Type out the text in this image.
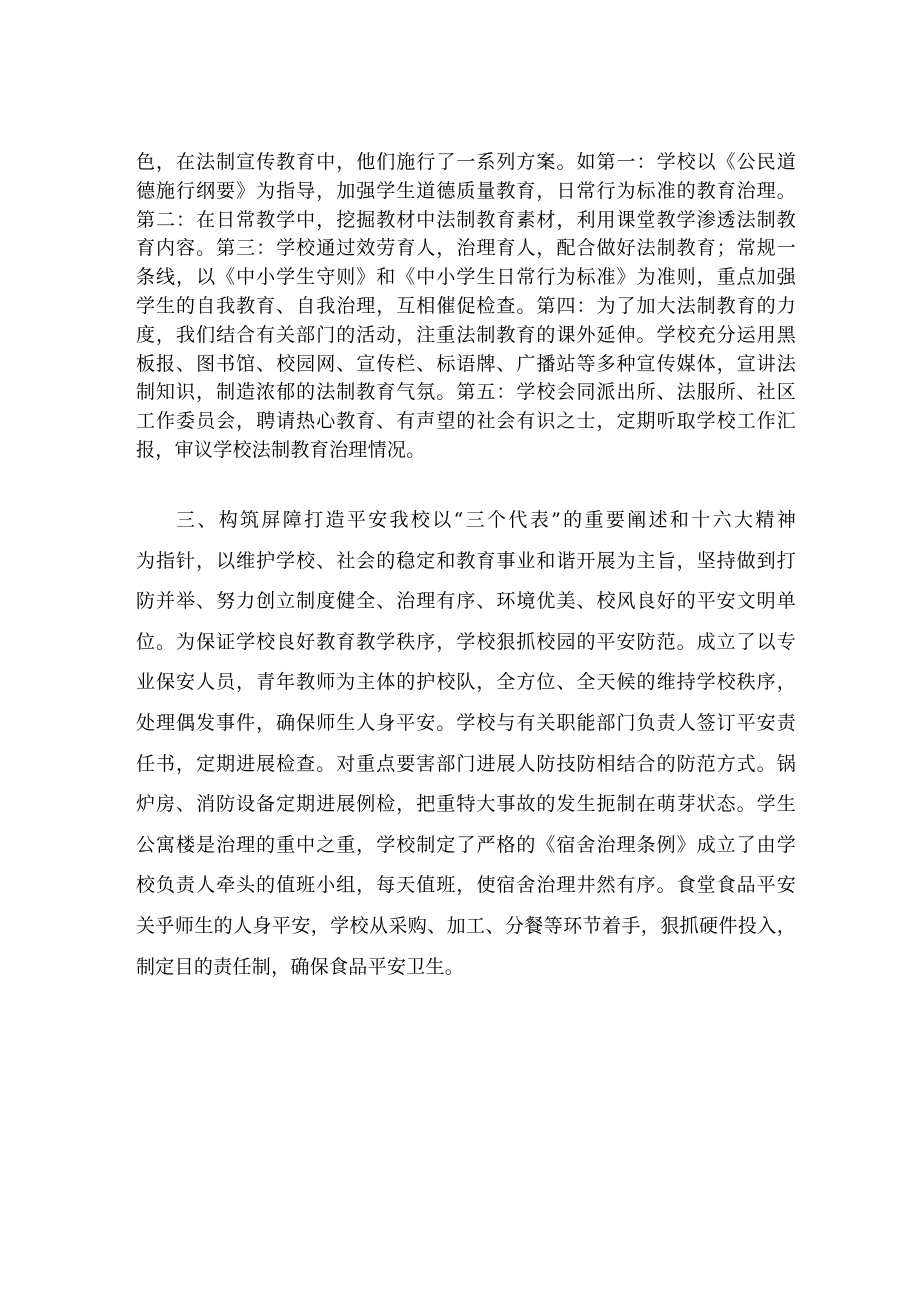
色，在法制宣传教育中，他们施行了一系列方案。如第一：学校以《公民道
德施行纲要》为指导，加强学生道德质量教育，日常行为标准的教育治理。
第二：在日常教学中，挖掘教材中法制教育素材，利用课堂教学渗透法制教
育内容。第三：学校通过效劳育人，治理育人，配合做好法制教育；常规一
条线，以《中小学生守则》和《中小学生日常行为标准》为准则，重点加强
学生的自我教育、自我治理，互相催促检查。第四：为了加大法制教育的力
度，我们结合有关部门的活动，注重法制教育的课外延伸。学校充分运用黑
板报、图书馆、校园网、宣传栏、标语牌、广播站等多种宣传媒体，宣讲法
制知识，制造浓郁的法制教育气氛。第五：学校会同派出所、法服所、社区
工作委员会，聘请热心教育、有声望的社会有识之士，定期听取学校工作汇
报，审议学校法制教育治理情况。
三、构筑屏障打造平安我校以“三个代表”的重要阐述和十六大精神
为指针，以维护学校、社会的稳定和教育事业和谐开展为主旨，坚持做到打
防并举、努力创立制度健全、治理有序、环境优美、校风良好的平安文明单
位。为保证学校良好教育教学秩序，学校狠抓校园的平安防范。成立了以专
业保安人员，青年教师为主体的护校队，全方位、全天候的维持学校秩序，
处理偶发事件，确保师生人身平安。学校与有关职能部门负责人签订平安责
任书，定期进展检查。对重点要害部门进展人防技防相结合的防范方式。锅
炉房、消防设备定期进展例检，把重特大事故的发生扼制在萌芽状态。学生
公寓楼是治理的重中之重，学校制定了严格的《宿舍治理条例》成立了由学
校负责人牵头的值班小组，每天值班，使宿舍治理井然有序。食堂食品平安
关乎师生的人身平安，学校从采购、加工、分餐等环节着手，狠抓硬件投入，
制定目的责任制，确保食品平安卫生。
